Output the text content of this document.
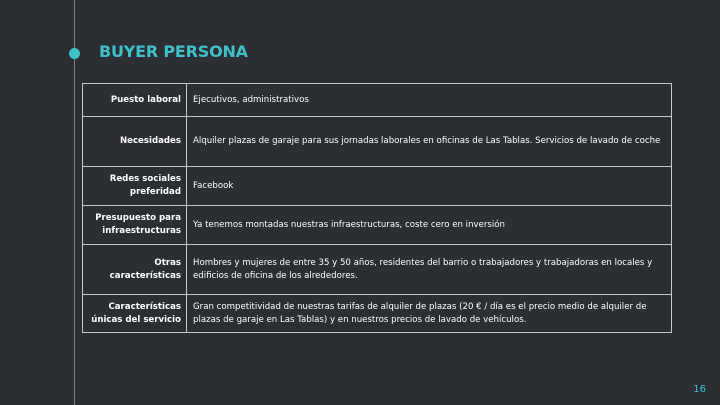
BUYER PERSONA
Puesto laboral	Ejecutivos, administrativos
Necesidades	Alquiler plazas de garaje para sus jornadas laborales en oficinas de Las Tablas. Servicios de lavado de coche
Redes sociales preferidad	Facebook
Presupuesto para infraestructuras	Ya tenemos montadas nuestras infraestructuras, coste cero en inversión
Otras características	Hombres y mujeres de entre 35 y 50 años, residentes del barrio o trabajadores y trabajadoras en locales y edificios de oficina de los alrededores.
Características únicas del servicio	Gran competitividad de nuestras tarifas de alquiler de plazas (20 € / día es el precio medio de alquiler de plazas de garaje en Las Tablas) y en nuestros precios de lavado de vehículos.
16
